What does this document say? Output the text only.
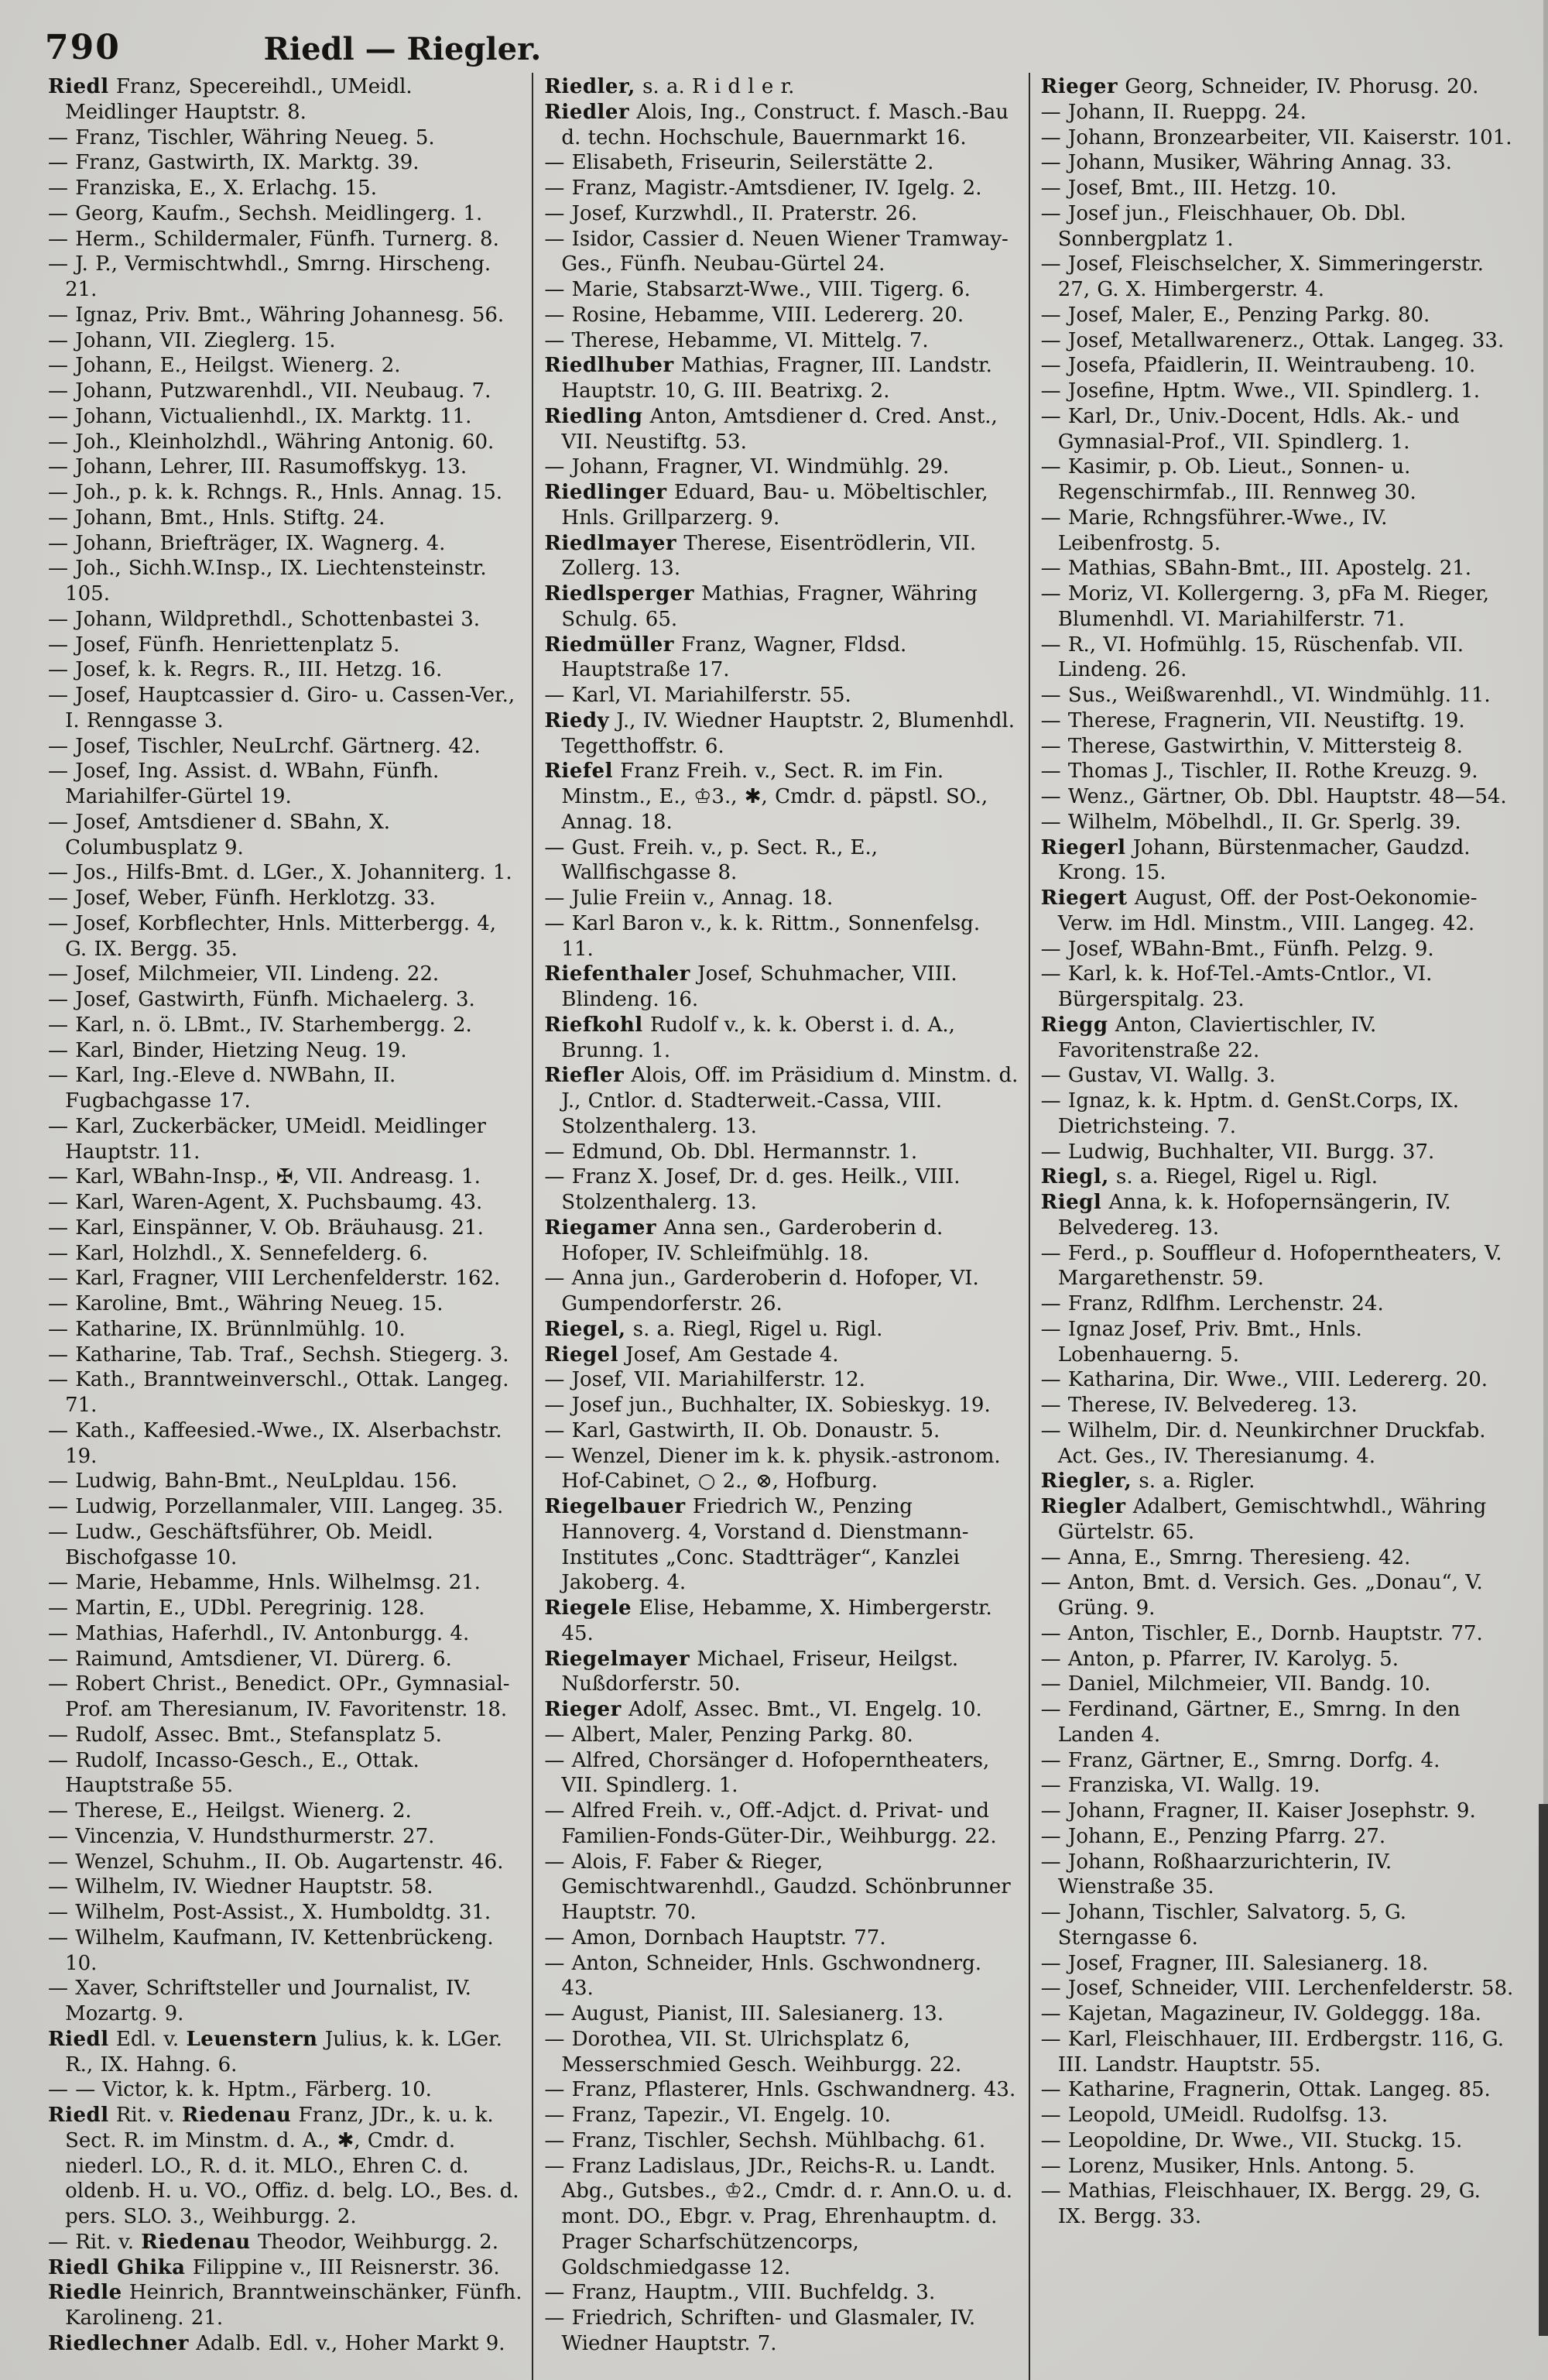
790	Riedl — Riegler.

Riedl Franz, Specereihdl., UMeidl. Meidlinger Hauptstr. 8.

— Franz, Tischler, Währing Neueg. 5.

— Franz, Gastwirth, IX. Marktg. 39.

— Franziska, E., X. Erlachg. 15.

— Georg, Kaufm., Sechsh. Meidlingerg. 1.

— Herm., Schildermaler, Fünfh. Turnerg. 8.

— J. P., Vermischtwhdl., Smrng. Hirscheng. 21.

— Ignaz, Priv. Bmt., Währing Johannesg. 56.

— Johann, VII. Zieglerg. 15.

— Johann, E., Heilgst. Wienerg. 2.

— Johann, Putzwarenhdl., VII. Neubaug. 7.

— Johann, Victualienhdl., IX. Marktg. 11.

— Joh., Kleinholzhdl., Währing Antonig. 60.

— Johann, Lehrer, III. Rasumoffskyg. 13.

— Joh., p. k. k. Rchngs. R., Hnls. Annag. 15.

— Johann, Bmt., Hnls. Stiftg. 24.

— Johann, Briefträger, IX. Wagnerg. 4.

— Joh., Sichh.W.Insp., IX. Liechtensteinstr. 105.

— Johann, Wildprethdl., Schottenbastei 3.

— Josef, Fünfh. Henriettenplatz 5.

— Josef, k. k. Regrs. R., III. Hetzg. 16.

— Josef, Hauptcassier d. Giro- u. Cassen-Ver., I. Renngasse 3.

— Josef, Tischler, NeuLrchf. Gärtnerg. 42.

— Josef, Ing. Assist. d. WBahn, Fünfh. Mariahilfer-Gürtel 19.

— Josef, Amtsdiener d. SBahn, X. Columbusplatz 9.

— Jos., Hilfs-Bmt. d. LGer., X. Johanniterg. 1.

— Josef, Weber, Fünfh. Herklotzg. 33.

— Josef, Korbflechter, Hnls. Mitterbergg. 4, G. IX. Bergg. 35.

— Josef, Milchmeier, VII. Lindeng. 22.

— Josef, Gastwirth, Fünfh. Michaelerg. 3.

— Karl, n. ö. LBmt., IV. Starhembergg. 2.

— Karl, Binder, Hietzing Neug. 19.

— Karl, Ing.-Eleve d. NWBahn, II. Fugbachgasse 17.

— Karl, Zuckerbäcker, UMeidl. Meidlinger Hauptstr. 11.

— Karl, WBahn-Insp., ✠, VII. Andreasg. 1.

— Karl, Waren-Agent, X. Puchsbaumg. 43.

— Karl, Einspänner, V. Ob. Bräuhausg. 21.

— Karl, Holzhdl., X. Sennefelderg. 6.

— Karl, Fragner, VIII Lerchenfelderstr. 162.

— Karoline, Bmt., Währing Neueg. 15.

— Katharine, IX. Brünnlmühlg. 10.

— Katharine, Tab. Traf., Sechsh. Stiegerg. 3.

— Kath., Branntweinverschl., Ottak. Langeg. 71.

— Kath., Kaffeesied.-Wwe., IX. Alserbachstr. 19.

— Ludwig, Bahn-Bmt., NeuLpldau. 156.

— Ludwig, Porzellanmaler, VIII. Langeg. 35.

— Ludw., Geschäftsführer, Ob. Meidl. Bischofgasse 10.

— Marie, Hebamme, Hnls. Wilhelmsg. 21.

— Martin, E., UDbl. Peregrinig. 128.

— Mathias, Haferhdl., IV. Antonburgg. 4.

— Raimund, Amtsdiener, VI. Dürerg. 6.

— Robert Christ., Benedict. OPr., Gymnasial-Prof. am Theresianum, IV. Favoritenstr. 18.

— Rudolf, Assec. Bmt., Stefansplatz 5.

— Rudolf, Incasso-Gesch., E., Ottak. Hauptstraße 55.

— Therese, E., Heilgst. Wienerg. 2.

— Vincenzia, V. Hundsthurmerstr. 27.

— Wenzel, Schuhm., II. Ob. Augartenstr. 46.

— Wilhelm, IV. Wiedner Hauptstr. 58.

— Wilhelm, Post-Assist., X. Humboldtg. 31.

— Wilhelm, Kaufmann, IV. Kettenbrückeng. 10.

— Xaver, Schriftsteller und Journalist, IV. Mozartg. 9.

Riedl Edl. v. Leuenstern Julius, k. k. LGer. R., IX. Hahng. 6.

— — Victor, k. k. Hptm., Färberg. 10.

Riedl Rit. v. Riedenau Franz, JDr., k. u. k. Sect. R. im Minstm. d. A., ✱, Cmdr. d. niederl. LO., R. d. it. MLO., Ehren C. d. oldenb. H. u. VO., Offiz. d. belg. LO., Bes. d. pers. SLO. 3., Weihburgg. 2.

— Rit. v. Riedenau Theodor, Weihburgg. 2.

Riedl Ghika Filippine v., III Reisnerstr. 36.

Riedle Heinrich, Branntweinschänker, Fünfh. Karolineng. 21.

Riedlechner Adalb. Edl. v., Hoher Markt 9.

Riedler, s. a. R i d l e r.

Riedler Alois, Ing., Construct. f. Masch.-Bau d. techn. Hochschule, Bauernmarkt 16.

— Elisabeth, Friseurin, Seilerstätte 2.

— Franz, Magistr.-Amtsdiener, IV. Igelg. 2.

— Josef, Kurzwhdl., II. Praterstr. 26.

— Isidor, Cassier d. Neuen Wiener Tramway-Ges., Fünfh. Neubau-Gürtel 24.

— Marie, Stabsarzt-Wwe., VIII. Tigerg. 6.

— Rosine, Hebamme, VIII. Ledererg. 20.

— Therese, Hebamme, VI. Mittelg. 7.

Riedlhuber Mathias, Fragner, III. Landstr. Hauptstr. 10, G. III. Beatrixg. 2.

Riedling Anton, Amtsdiener d. Cred. Anst., VII. Neustiftg. 53.

— Johann, Fragner, VI. Windmühlg. 29.

Riedlinger Eduard, Bau- u. Möbeltischler, Hnls. Grillparzerg. 9.

Riedlmayer Therese, Eisentrödlerin, VII. Zollerg. 13.

Riedlsperger Mathias, Fragner, Währing Schulg. 65.

Riedmüller Franz, Wagner, Fldsd. Hauptstraße 17.

— Karl, VI. Mariahilferstr. 55.

Riedy J., IV. Wiedner Hauptstr. 2, Blumenhdl. Tegetthoffstr. 6.

Riefel Franz Freih. v., Sect. R. im Fin. Minstm., E., ♔3., ✱, Cmdr. d. päpstl. SO., Annag. 18.

— Gust. Freih. v., p. Sect. R., E., Wallfischgasse 8.

— Julie Freiin v., Annag. 18.

— Karl Baron v., k. k. Rittm., Sonnenfelsg. 11.

Riefenthaler Josef, Schuhmacher, VIII. Blindeng. 16.

Riefkohl Rudolf v., k. k. Oberst i. d. A., Brunng. 1.

Riefler Alois, Off. im Präsidium d. Minstm. d. J., Cntlor. d. Stadterweit.-Cassa, VIII. Stolzenthalerg. 13.

— Edmund, Ob. Dbl. Hermannstr. 1.

— Franz X. Josef, Dr. d. ges. Heilk., VIII. Stolzenthalerg. 13.

Riegamer Anna sen., Garderoberin d. Hofoper, IV. Schleifmühlg. 18.

— Anna jun., Garderoberin d. Hofoper, VI. Gumpendorferstr. 26.

Riegel, s. a. Riegl, Rigel u. Rigl.

Riegel Josef, Am Gestade 4.

— Josef, VII. Mariahilferstr. 12.

— Josef jun., Buchhalter, IX. Sobieskyg. 19.

— Karl, Gastwirth, II. Ob. Donaustr. 5.

— Wenzel, Diener im k. k. physik.-astronom. Hof-Cabinet, ○ 2., ⊗, Hofburg.

Riegelbauer Friedrich W., Penzing Hannoverg. 4, Vorstand d. Dienstmann-Institutes „Conc. Stadtträger“, Kanzlei Jakoberg. 4.

Riegele Elise, Hebamme, X. Himbergerstr. 45.

Riegelmayer Michael, Friseur, Heilgst. Nußdorferstr. 50.

Rieger Adolf, Assec. Bmt., VI. Engelg. 10.

— Albert, Maler, Penzing Parkg. 80.

— Alfred, Chorsänger d. Hofoperntheaters, VII. Spindlerg. 1.

— Alfred Freih. v., Off.-Adjct. d. Privat- und Familien-Fonds-Güter-Dir., Weihburgg. 22.

— Alois, F. Faber & Rieger, Gemischtwarenhdl., Gaudzd. Schönbrunner Hauptstr. 70.

— Amon, Dornbach Hauptstr. 77.

— Anton, Schneider, Hnls. Gschwondnerg. 43.

— August, Pianist, III. Salesianerg. 13.

— Dorothea, VII. St. Ulrichsplatz 6, Messerschmied Gesch. Weihburgg. 22.

— Franz, Pflasterer, Hnls. Gschwandnerg. 43.

— Franz, Tapezir., VI. Engelg. 10.

— Franz, Tischler, Sechsh. Mühlbachg. 61.

— Franz Ladislaus, JDr., Reichs-R. u. Landt. Abg., Gutsbes., ♔2., Cmdr. d. r. Ann.O. u. d. mont. DO., Ebgr. v. Prag, Ehrenhauptm. d. Prager Scharfschützencorps, Goldschmiedgasse 12.

— Franz, Hauptm., VIII. Buchfeldg. 3.

— Friedrich, Schriften- und Glasmaler, IV. Wiedner Hauptstr. 7.

Rieger Georg, Schneider, IV. Phorusg. 20.

— Johann, II. Rueppg. 24.

— Johann, Bronzearbeiter, VII. Kaiserstr. 101.

— Johann, Musiker, Währing Annag. 33.

— Josef, Bmt., III. Hetzg. 10.

— Josef jun., Fleischhauer, Ob. Dbl. Sonnbergplatz 1.

— Josef, Fleischselcher, X. Simmeringerstr. 27, G. X. Himbergerstr. 4.

— Josef, Maler, E., Penzing Parkg. 80.

— Josef, Metallwarenerz., Ottak. Langeg. 33.

— Josefa, Pfaidlerin, II. Weintraubeng. 10.

— Josefine, Hptm. Wwe., VII. Spindlerg. 1.

— Karl, Dr., Univ.-Docent, Hdls. Ak.- und Gymnasial-Prof., VII. Spindlerg. 1.

— Kasimir, p. Ob. Lieut., Sonnen- u. Regenschirmfab., III. Rennweg 30.

— Marie, Rchngsführer.-Wwe., IV. Leibenfrostg. 5.

— Mathias, SBahn-Bmt., III. Apostelg. 21.

— Moriz, VI. Kollergerng. 3, pFa M. Rieger, Blumenhdl. VI. Mariahilferstr. 71.

— R., VI. Hofmühlg. 15, Rüschenfab. VII. Lindeng. 26.

— Sus., Weißwarenhdl., VI. Windmühlg. 11.

— Therese, Fragnerin, VII. Neustiftg. 19.

— Therese, Gastwirthin, V. Mittersteig 8.

— Thomas J., Tischler, II. Rothe Kreuzg. 9.

— Wenz., Gärtner, Ob. Dbl. Hauptstr. 48—54.

— Wilhelm, Möbelhdl., II. Gr. Sperlg. 39.

Riegerl Johann, Bürstenmacher, Gaudzd. Krong. 15.

Riegert August, Off. der Post-Oekonomie-Verw. im Hdl. Minstm., VIII. Langeg. 42.

— Josef, WBahn-Bmt., Fünfh. Pelzg. 9.

— Karl, k. k. Hof-Tel.-Amts-Cntlor., VI. Bürgerspitalg. 23.

Riegg Anton, Claviertischler, IV. Favoritenstraße 22.

— Gustav, VI. Wallg. 3.

— Ignaz, k. k. Hptm. d. GenSt.Corps, IX. Dietrichsteing. 7.

— Ludwig, Buchhalter, VII. Burgg. 37.

Riegl, s. a. Riegel, Rigel u. Rigl.

Riegl Anna, k. k. Hofopernsängerin, IV. Belvedereg. 13.

— Ferd., p. Souffleur d. Hofoperntheaters, V. Margarethenstr. 59.

— Franz, Rdlfhm. Lerchenstr. 24.

— Ignaz Josef, Priv. Bmt., Hnls. Lobenhauerng. 5.

— Katharina, Dir. Wwe., VIII. Ledererg. 20.

— Therese, IV. Belvedereg. 13.

— Wilhelm, Dir. d. Neunkirchner Druckfab. Act. Ges., IV. Theresianumg. 4.

Riegler, s. a. Rigler.

Riegler Adalbert, Gemischtwhdl., Währing Gürtelstr. 65.

— Anna, E., Smrng. Theresieng. 42.

— Anton, Bmt. d. Versich. Ges. „Donau“, V. Grüng. 9.

— Anton, Tischler, E., Dornb. Hauptstr. 77.

— Anton, p. Pfarrer, IV. Karolyg. 5.

— Daniel, Milchmeier, VII. Bandg. 10.

— Ferdinand, Gärtner, E., Smrng. In den Landen 4.

— Franz, Gärtner, E., Smrng. Dorfg. 4.

— Franziska, VI. Wallg. 19.

— Johann, Fragner, II. Kaiser Josephstr. 9.

— Johann, E., Penzing Pfarrg. 27.

— Johann, Roßhaarzurichterin, IV. Wienstraße 35.

— Johann, Tischler, Salvatorg. 5, G. Sterngasse 6.

— Josef, Fragner, III. Salesianerg. 18.

— Josef, Schneider, VIII. Lerchenfelderstr. 58.

— Kajetan, Magazineur, IV. Goldeggg. 18a.

— Karl, Fleischhauer, III. Erdbergstr. 116, G. III. Landstr. Hauptstr. 55.

— Katharine, Fragnerin, Ottak. Langeg. 85.

— Leopold, UMeidl. Rudolfsg. 13.

— Leopoldine, Dr. Wwe., VII. Stuckg. 15.

— Lorenz, Musiker, Hnls. Antong. 5.

— Mathias, Fleischhauer, IX. Bergg. 29, G. IX. Bergg. 33.
